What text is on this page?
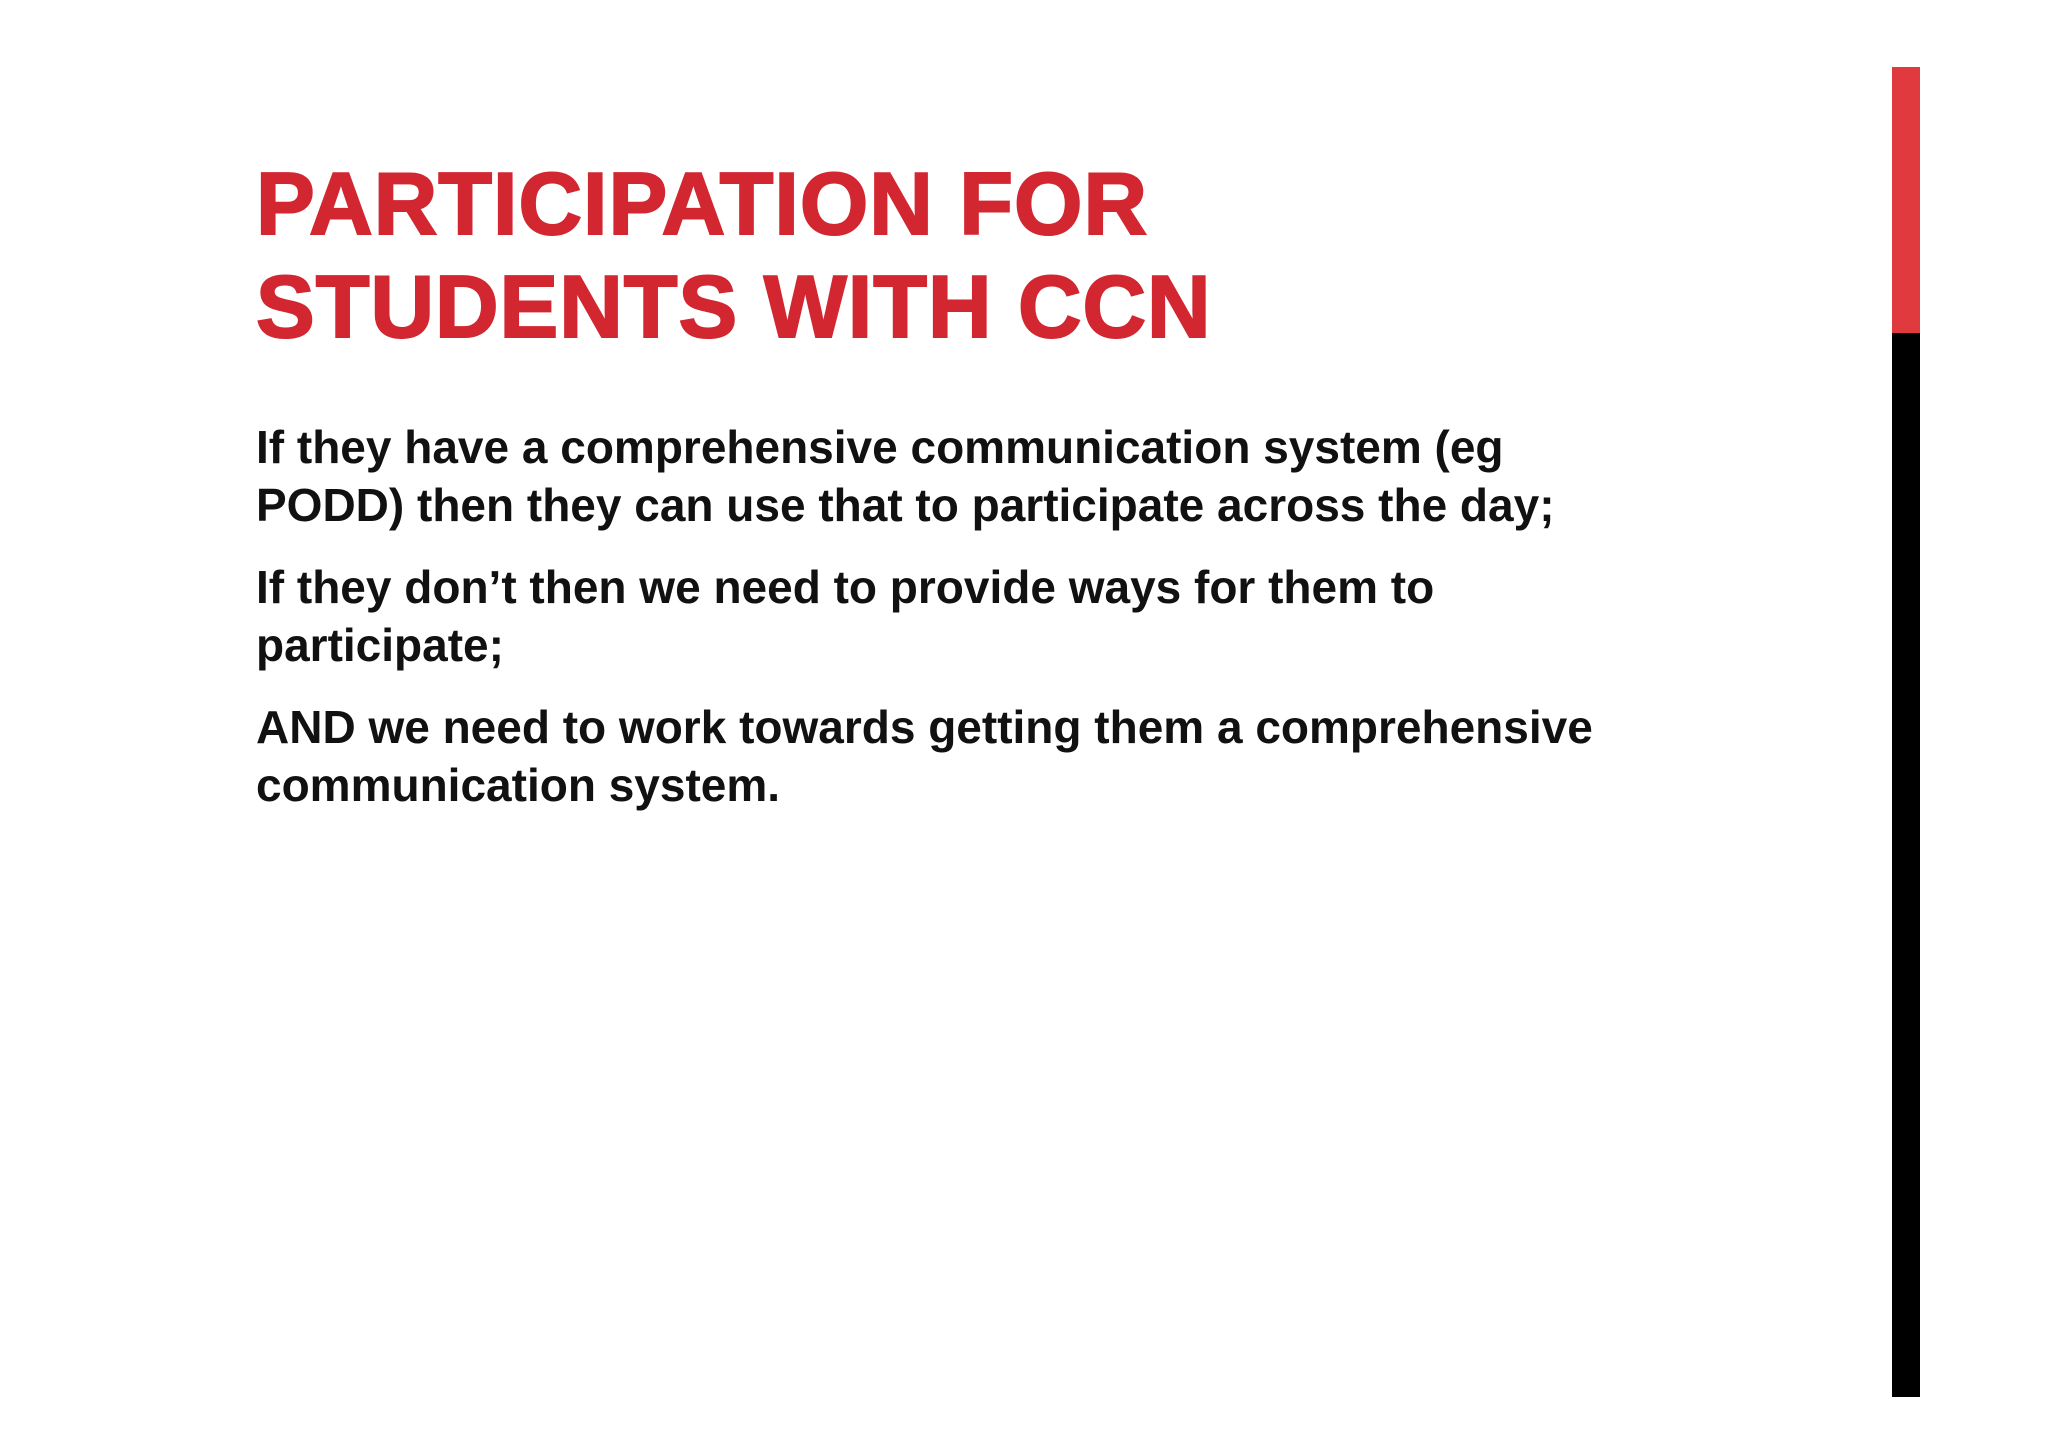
PARTICIPATION FOR
STUDENTS WITH CCN

If they have a comprehensive communication system (eg
PODD) then they can use that to participate across the day;

If they don’t then we need to provide ways for them to
participate;

AND we need to work towards getting them a comprehensive
communication system.
